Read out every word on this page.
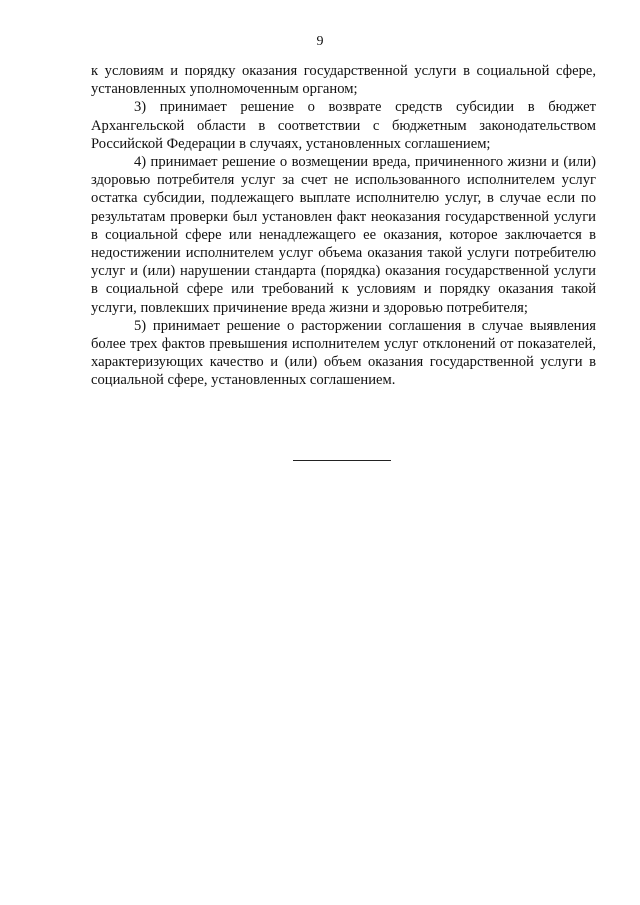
9

к условиям и порядку оказания государственной услуги в социальной сфере, установленных уполномоченным органом;

3) принимает решение о возврате средств субсидии в бюджет Архангельской области в соответствии с бюджетным законодательством Российской Федерации в случаях, установленных соглашением;

4) принимает решение о возмещении вреда, причиненного жизни и (или) здоровью потребителя услуг за счет не использованного исполнителем услуг остатка субсидии, подлежащего выплате исполнителю услуг, в случае если по результатам проверки был установлен факт неоказания государственной услуги в социальной сфере или ненадлежащего ее оказания, которое заключается в недостижении исполнителем услуг объема оказания такой услуги потребителю услуг и (или) нарушении стандарта (порядка) оказания государственной услуги в социальной сфере или требований к условиям и порядку оказания такой услуги, повлекших причинение вреда жизни и здоровью потребителя;

5) принимает решение о расторжении соглашения в случае выявления более трех фактов превышения исполнителем услуг отклонений от показателей, характеризующих качество и (или) объем оказания государственной услуги в социальной сфере, установленных соглашением.
